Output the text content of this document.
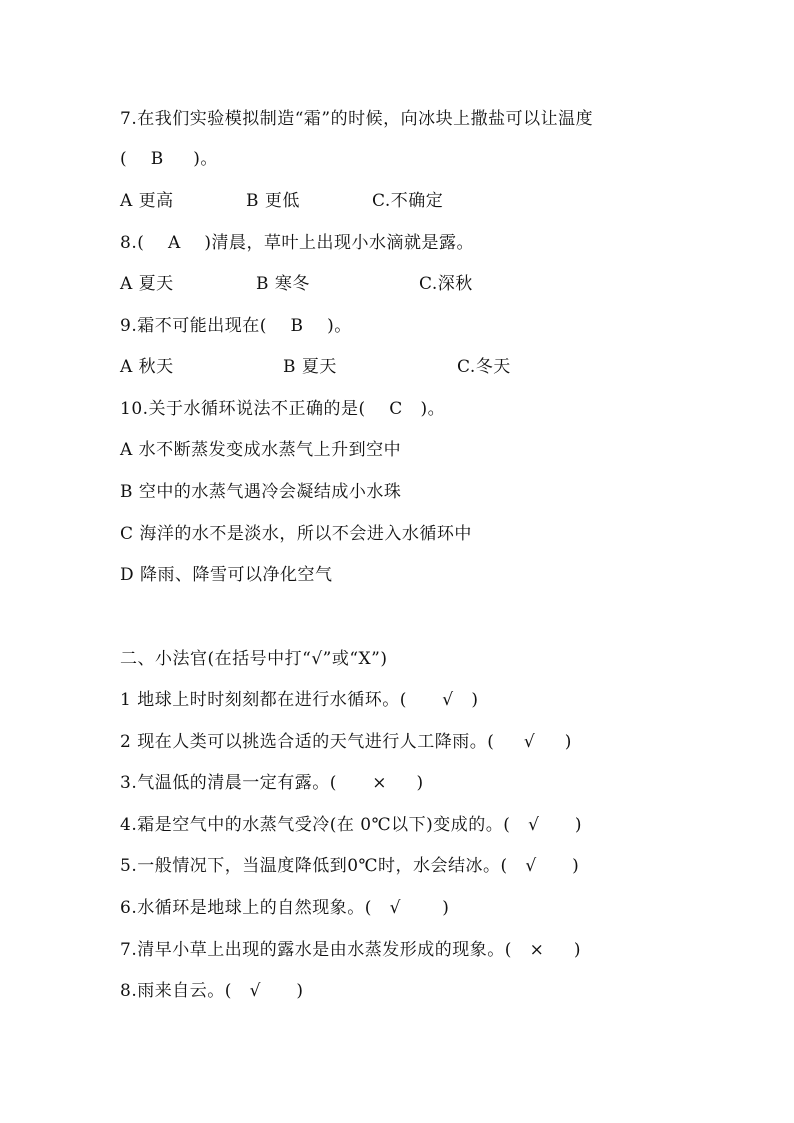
7.在我们实验模拟制造“霜”的时候，向冰块上撒盐可以让温度
(    B     )。
A 更高	B 更低	C.不确定
8.(    A    )清晨，草叶上出现小水滴就是露。
A 夏天	B 寒冬	C.深秋
9.霜不可能出现在(    B    )。
A 秋天	B 夏天	C.冬天
10.关于水循环说法不正确的是(    C   )。
A 水不断蒸发变成水蒸气上升到空中
B 空中的水蒸气遇冷会凝结成小水珠
C 海洋的水不是淡水，所以不会进入水循环中
D 降雨、降雪可以净化空气
二、小法官(在括号中打“√”或“X”)
1 地球上时时刻刻都在进行水循环。(      √   )
2 现在人类可以挑选合适的天气进行人工降雨。(     √     )
3.气温低的清晨一定有露。(      ×     )
4.霜是空气中的水蒸气受冷(在 0℃以下)变成的。(   √      )
5.一般情况下，当温度降低到0℃时，水会结冰。(   √      )
6.水循环是地球上的自然现象。(   √       )
7.清早小草上出现的露水是由水蒸发形成的现象。(   ×     )
8.雨来自云。(   √      )
